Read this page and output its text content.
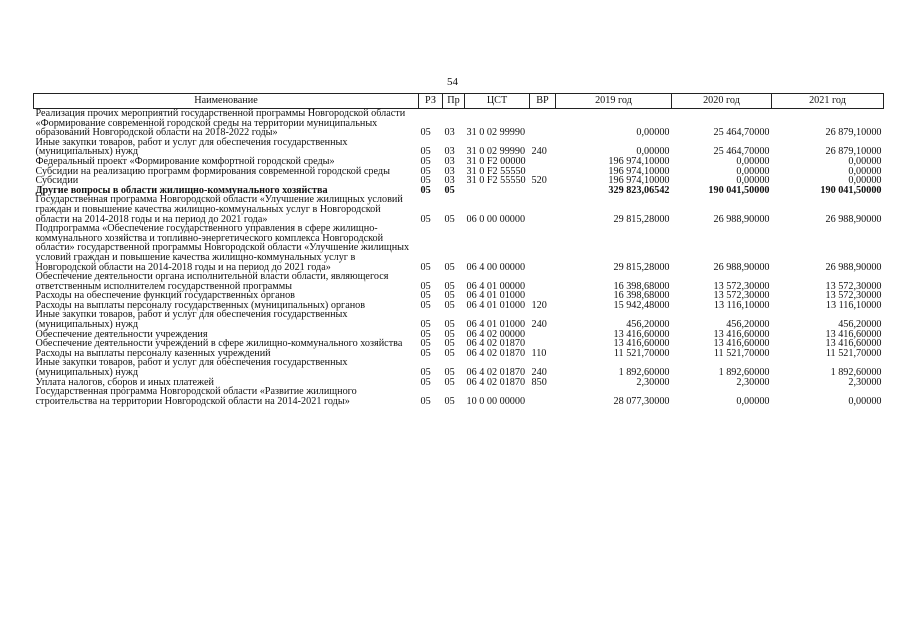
54
Наименование	РЗ	Пр	ЦСТ	ВР	2019 год	2020 год	2021 год
Реализация прочих мероприятий государственной программы Новгородской области «Формирование современной городской среды на территории муниципальных образований Новгородской области на 2018-2022 годы»	05	03	31 0 02 99990		0,00000	25 464,70000	26 879,10000
Иные закупки товаров, работ и услуг для обеспечения государственных (муниципальных) нужд	05	03	31 0 02 99990	240	0,00000	25 464,70000	26 879,10000
Федеральный проект «Формирование комфортной городской среды»	05	03	31 0 F2 00000		196 974,10000	0,00000	0,00000
Субсидии на реализацию программ формирования современной городской среды	05	03	31 0 F2 55550		196 974,10000	0,00000	0,00000
Субсидии	05	03	31 0 F2 55550	520	196 974,10000	0,00000	0,00000
Другие вопросы в области жилищно-коммунального хозяйства	05	05			329 823,06542	190 041,50000	190 041,50000
Государственная программа Новгородской области «Улучшение жилищных условий граждан и повышение качества жилищно-коммунальных услуг в Новгородской области на 2014-2018 годы и на период до 2021 года»	05	05	06 0 00 00000		29 815,28000	26 988,90000	26 988,90000
Подпрограмма «Обеспечение государственного управления в сфере жилищно-коммунального хозяйства и топливно-энергетического комплекса Новгородской области» государственной программы Новгородской области «Улучшение жилищных условий граждан и повышение качества жилищно-коммунальных услуг в Новгородской области на 2014-2018 годы и на период до 2021 года»	05	05	06 4 00 00000		29 815,28000	26 988,90000	26 988,90000
Обеспечение деятельности органа исполнительной власти области, являющегося ответственным исполнителем государственной программы	05	05	06 4 01 00000		16 398,68000	13 572,30000	13 572,30000
Расходы на обеспечение функций государственных органов	05	05	06 4 01 01000		16 398,68000	13 572,30000	13 572,30000
Расходы на выплаты персоналу государственных (муниципальных) органов	05	05	06 4 01 01000	120	15 942,48000	13 116,10000	13 116,10000
Иные закупки товаров, работ и услуг для обеспечения государственных (муниципальных) нужд	05	05	06 4 01 01000	240	456,20000	456,20000	456,20000
Обеспечение деятельности учреждения	05	05	06 4 02 00000		13 416,60000	13 416,60000	13 416,60000
Обеспечение деятельности учреждений в сфере жилищно-коммунального хозяйства	05	05	06 4 02 01870		13 416,60000	13 416,60000	13 416,60000
Расходы на выплаты персоналу казенных учреждений	05	05	06 4 02 01870	110	11 521,70000	11 521,70000	11 521,70000
Иные закупки товаров, работ и услуг для обеспечения государственных (муниципальных) нужд	05	05	06 4 02 01870	240	1 892,60000	1 892,60000	1 892,60000
Уплата налогов, сборов и иных платежей	05	05	06 4 02 01870	850	2,30000	2,30000	2,30000
Государственная программа Новгородской области «Развитие жилищного строительства на территории Новгородской области на 2014-2021 годы»	05	05	10 0 00 00000		28 077,30000	0,00000	0,00000
